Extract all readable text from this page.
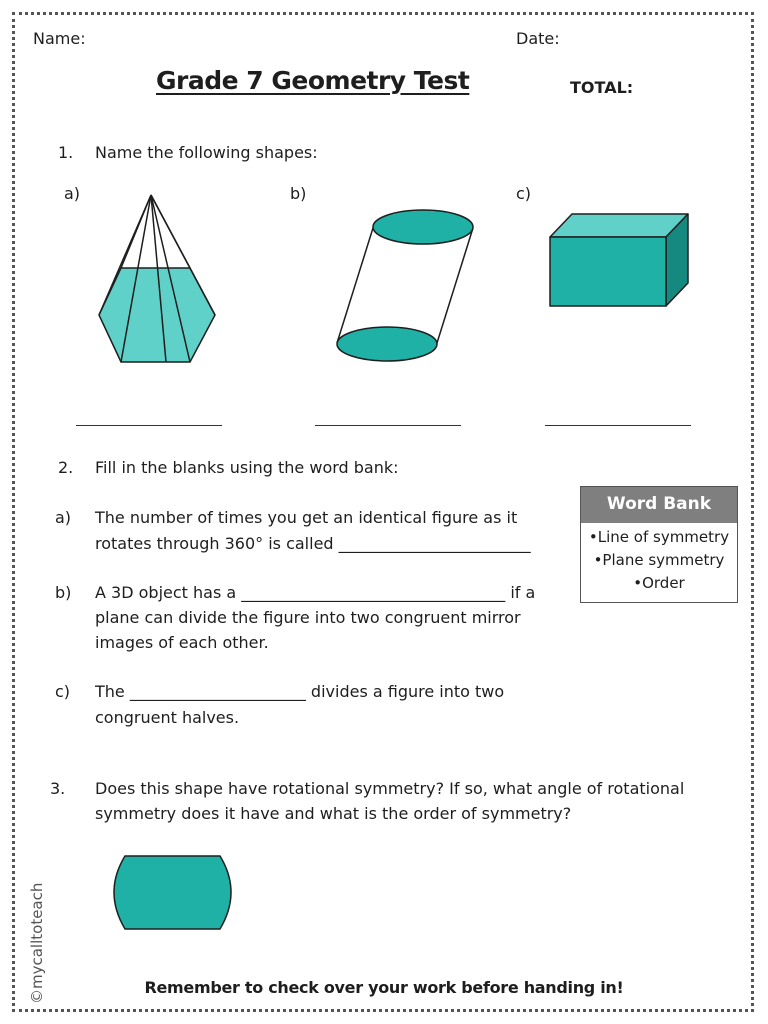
Name:	Date:
Grade 7 Geometry Test	TOTAL:
1. Name the following shapes:
a)	b)	c)
2. Fill in the blanks using the word bank:
a) The number of times you get an identical figure as it
rotates through 360° is called ________________________
b) A 3D object has a _________________________________ if a
plane can divide the figure into two congruent mirror
images of each other.
c) The ______________________ divides a figure into two
congruent halves.
Word Bank
•Line of symmetry
•Plane symmetry
•Order
3. Does this shape have rotational symmetry? If so, what angle of rotational
symmetry does it have and what is the order of symmetry?
Remember to check over your work before handing in!
©mycalltoteach
